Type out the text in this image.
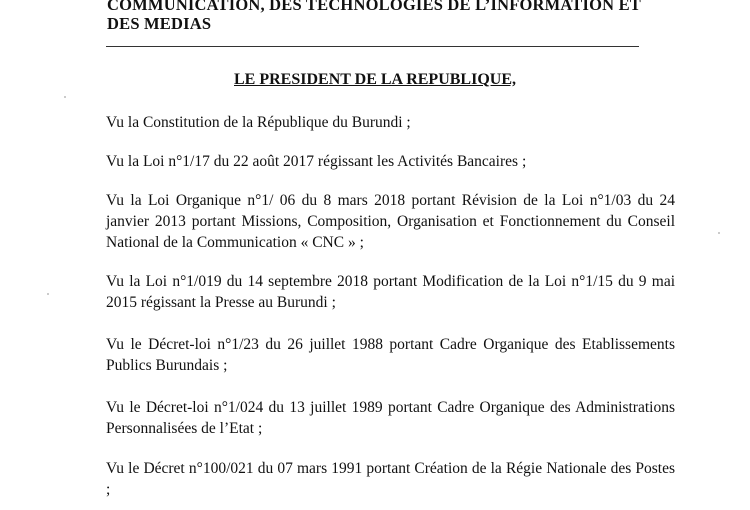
COMMUNICATION, DES TECHNOLOGIES DE L’INFORMATION ET

DES MEDIAS

LE PRESIDENT DE LA REPUBLIQUE,

Vu la Constitution de la République du Burundi ;

Vu la Loi n°1/17 du 22 août 2017 régissant les Activités Bancaires ;

Vu la Loi Organique n°1/ 06 du 8 mars 2018 portant Révision de la Loi n°1/03 du 24 janvier 2013 portant Missions, Composition, Organisation et Fonctionnement du Conseil National de la Communication « CNC » ;

Vu la Loi n°1/019 du 14 septembre 2018 portant Modification de la Loi n°1/15 du 9 mai 2015 régissant la Presse au Burundi ;

Vu le Décret-loi n°1/23 du 26 juillet 1988 portant Cadre Organique des Etablissements Publics Burundais ;

Vu le Décret-loi n°1/024 du 13 juillet 1989 portant Cadre Organique des Administrations Personnalisées de l’Etat ;

Vu le Décret n°100/021 du 07 mars 1991 portant Création de la Régie Nationale des Postes ;
